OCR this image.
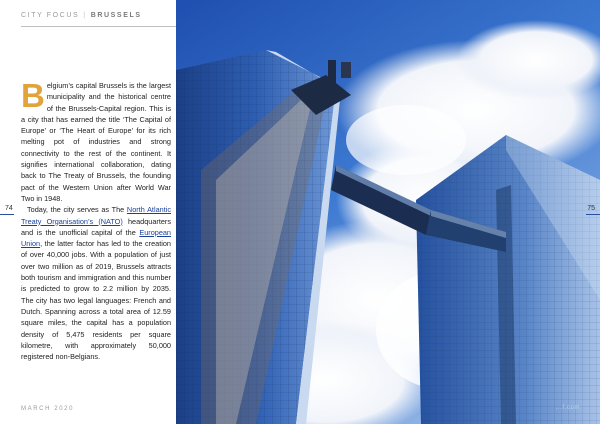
CITY FOCUS | BRUSSELS
B elgium’s capital Brussels is the largest municipality and the historical centre of the Brussels-Capital region. This is a city that has earned the title ‘The Capital of Europe’ or ‘The Heart of Europe’ for its rich melting pot of industries and strong connectivity to the rest of the continent. It signifies international collaboration, dating back to The Treaty of Brussels, the founding pact of the Western Union after World War Two in 1948.

Today, the city serves as The North Atlantic Treaty Organisation’s (NATO) headquarters and is the unofficial capital of the European Union, the latter factor has led to the creation of over 40,000 jobs. With a population of just over two million as of 2019, Brussels attracts both tourism and immigration and this number is predicted to grow to 2.2 million by 2035. The city has two legal languages: French and Dutch. Spanning across a total area of 12.59 square miles, the capital has a population density of 5,475 residents per square kilometre, with approximately 50,000 registered non-Belgians.

74
MARCH 2020
75
...f.com
